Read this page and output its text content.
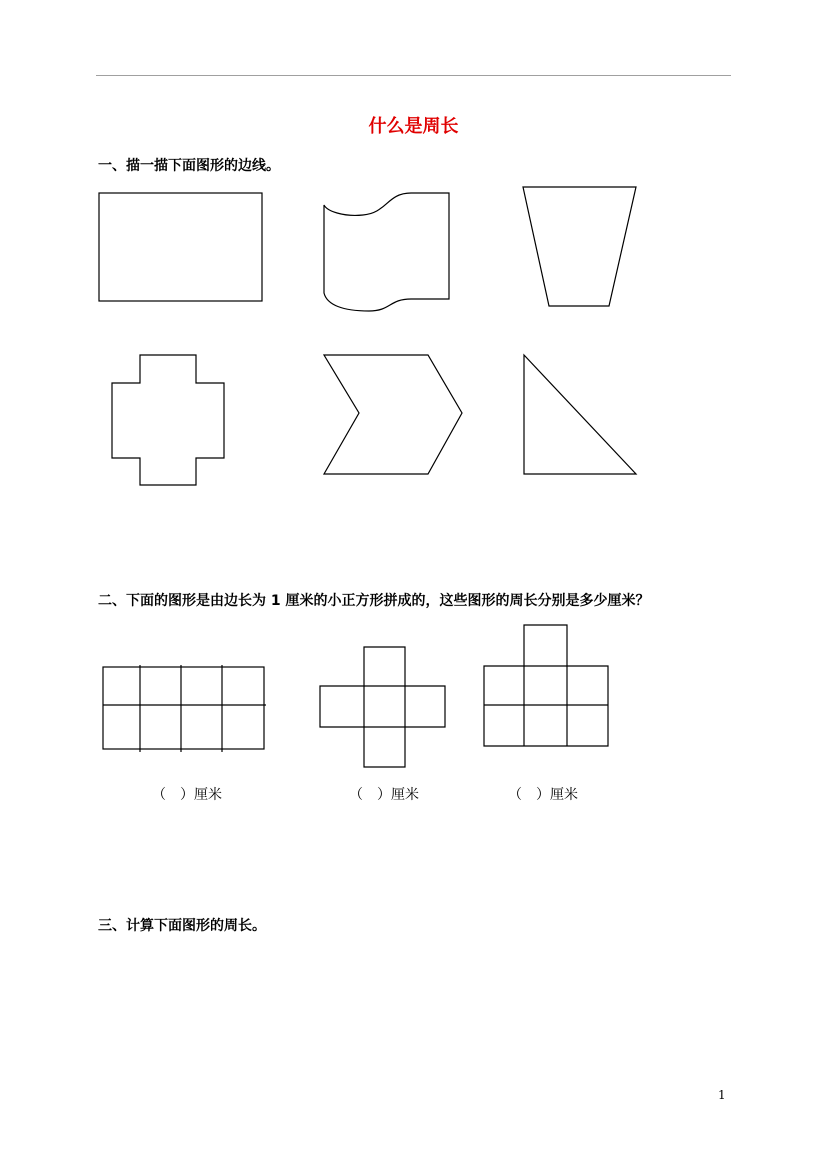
什么是周长
一、描一描下面图形的边线。
二、下面的图形是由边长为 1 厘米的小正方形拼成的，这些图形的周长分别是多少厘米？
（ ）厘米	（ ）厘米	（ ）厘米
三、计算下面图形的周长。
1
